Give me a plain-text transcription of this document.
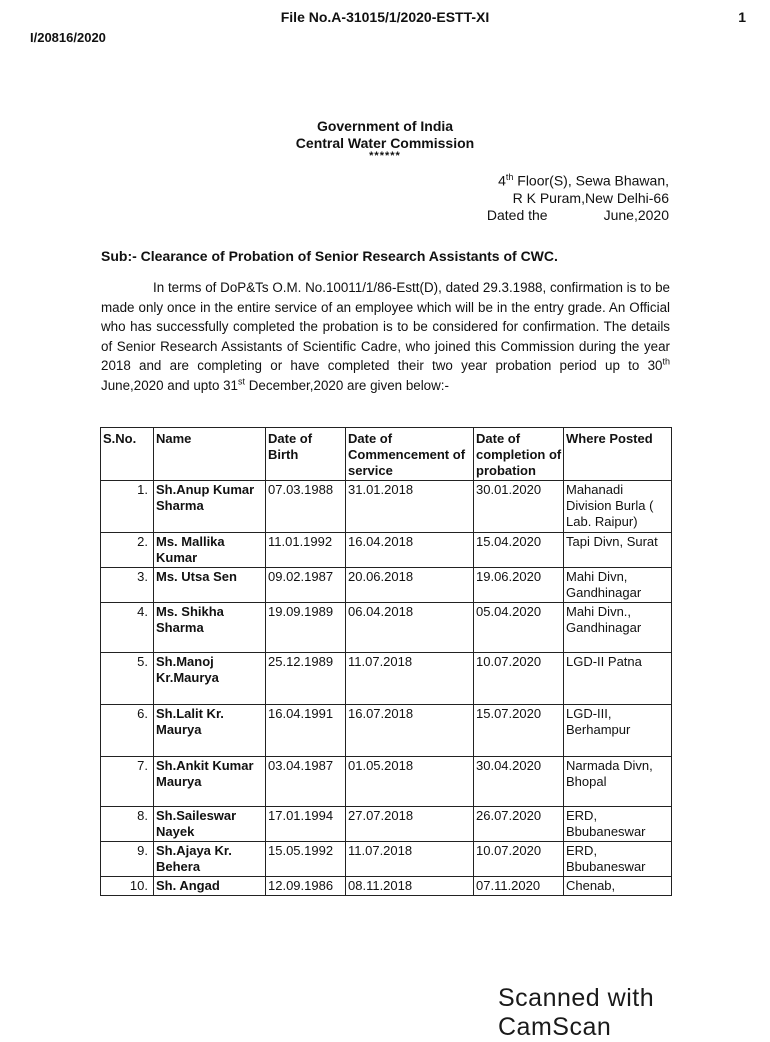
File No.A-31015/1/2020-ESTT-XI	1
I/20816/2020
Government of India
Central Water Commission
******
4th Floor(S), Sewa Bhawan,
R K Puram,New Delhi-66
Dated the	June,2020
Sub:- Clearance of Probation of Senior Research Assistants of CWC.
In terms of DoP&Ts O.M. No.10011/1/86-Estt(D), dated 29.3.1988, confirmation is to be made only once in the entire service of an employee which will be in the entry grade. An Official who has successfully completed the probation is to be considered for confirmation. The details of Senior Research Assistants of Scientific Cadre, who joined this Commission during the year 2018 and are completing or have completed their two year probation period up to 30th June,2020 and upto 31st December,2020 are given below:-
S.No.	Name	Date of Birth	Date of Commencement of service	Date of completion of probation	Where Posted
1.	Sh.Anup Kumar Sharma	07.03.1988	31.01.2018	30.01.2020	Mahanadi Division Burla ( Lab. Raipur)
2.	Ms. Mallika Kumar	11.01.1992	16.04.2018	15.04.2020	Tapi Divn, Surat
3.	Ms. Utsa Sen	09.02.1987	20.06.2018	19.06.2020	Mahi Divn, Gandhinagar
4.	Ms. Shikha Sharma	19.09.1989	06.04.2018	05.04.2020	Mahi Divn., Gandhinagar
5.	Sh.Manoj Kr.Maurya	25.12.1989	11.07.2018	10.07.2020	LGD-II Patna
6.	Sh.Lalit Kr. Maurya	16.04.1991	16.07.2018	15.07.2020	LGD-III, Berhampur
7.	Sh.Ankit Kumar Maurya	03.04.1987	01.05.2018	30.04.2020	Narmada Divn, Bhopal
8.	Sh.Saileswar Nayek	17.01.1994	27.07.2018	26.07.2020	ERD, Bbubaneswar
9.	Sh.Ajaya Kr. Behera	15.05.1992	11.07.2018	10.07.2020	ERD, Bbubaneswar
10.	Sh. Angad	12.09.1986	08.11.2018	07.11.2020	Chenab,
Scanned with CamScan
